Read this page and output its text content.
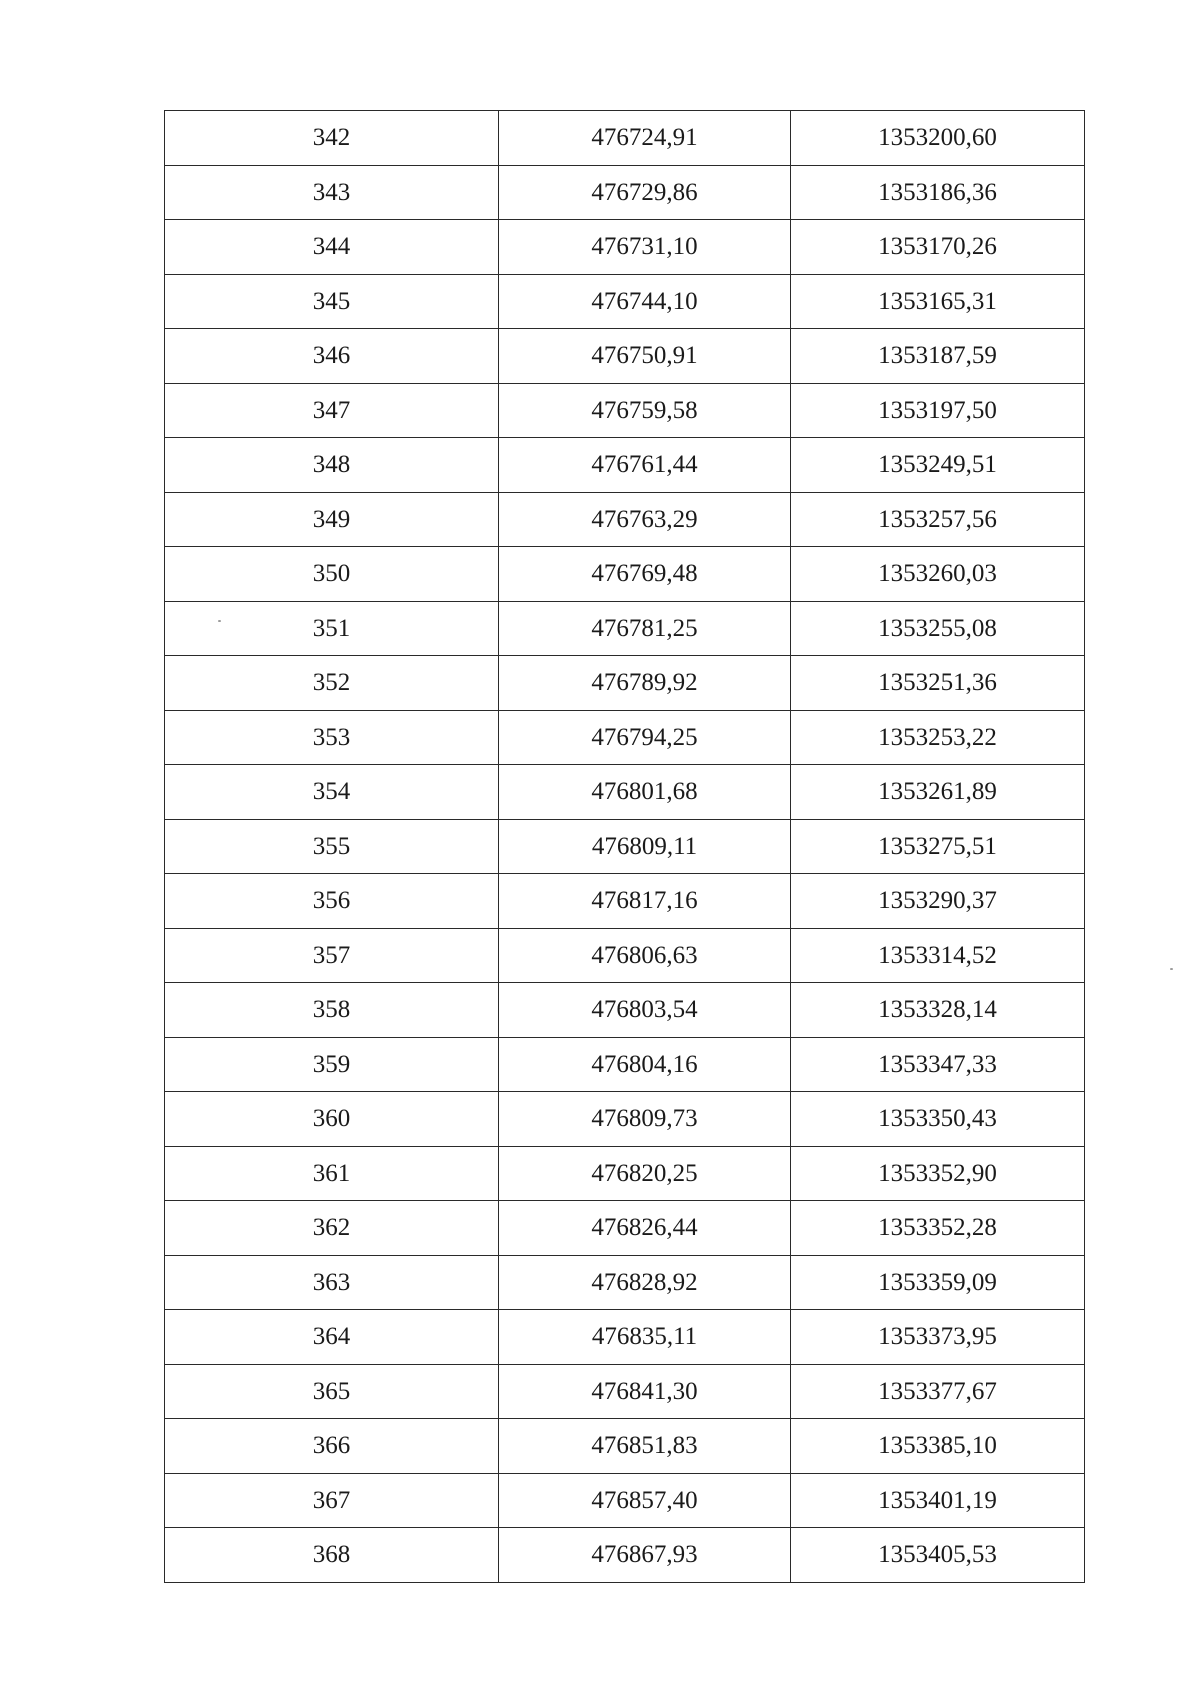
342	476724,91	1353200,60
343	476729,86	1353186,36
344	476731,10	1353170,26
345	476744,10	1353165,31
346	476750,91	1353187,59
347	476759,58	1353197,50
348	476761,44	1353249,51
349	476763,29	1353257,56
350	476769,48	1353260,03
351	476781,25	1353255,08
352	476789,92	1353251,36
353	476794,25	1353253,22
354	476801,68	1353261,89
355	476809,11	1353275,51
356	476817,16	1353290,37
357	476806,63	1353314,52
358	476803,54	1353328,14
359	476804,16	1353347,33
360	476809,73	1353350,43
361	476820,25	1353352,90
362	476826,44	1353352,28
363	476828,92	1353359,09
364	476835,11	1353373,95
365	476841,30	1353377,67
366	476851,83	1353385,10
367	476857,40	1353401,19
368	476867,93	1353405,53
